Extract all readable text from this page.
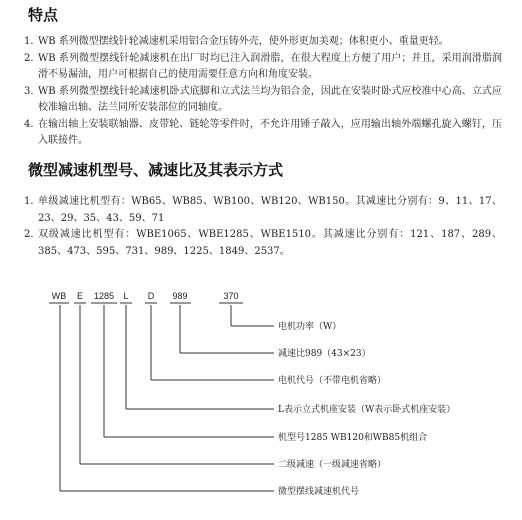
特点
1. WB 系列微型摆线针轮减速机采用铝合金压铸外壳，使外形更加美观；体积更小、重量更轻。
2. WB 系列微型摆线针轮减速机在出厂时均已注入润滑脂，在很大程度上方便了用户；并且，采用润滑脂润滑不易漏油，用户可根据自己的使用需要任意方向和角度安装。
3. WB 系列微型摆线针轮减速机卧式底脚和立式法兰均为铝合金，因此在安装时卧式应校准中心高、立式应校准输出轴、法兰同所安装部位的同轴度。
4. 在输出轴上安装联轴器、皮带轮、链轮等零件时，不允许用锤子敲入，应用输出轴外端螺孔旋入螺钉，压入联接件。
微型减速机型号、减速比及其表示方式
1. 单级减速比机型有：WB65、WB85、WB100、WB120、WB150。其减速比分别有：9、11、17、23、29、35、43、59、71
2. 双级减速比机型有：WBE1065、WBE1285、WBE1510。其减速比分别有：121、187、289、385、473、595、731、989、1225、1849、2537。
WB E 1285 L D 989	370
电机功率（W）
减速比989（43×23）
电机代号（不带电机省略）
L表示立式机座安装（W表示卧式机座安装）
机型号1285 WB120和WB85机组合
二级减速（一级减速省略）
微型摆线减速机代号
